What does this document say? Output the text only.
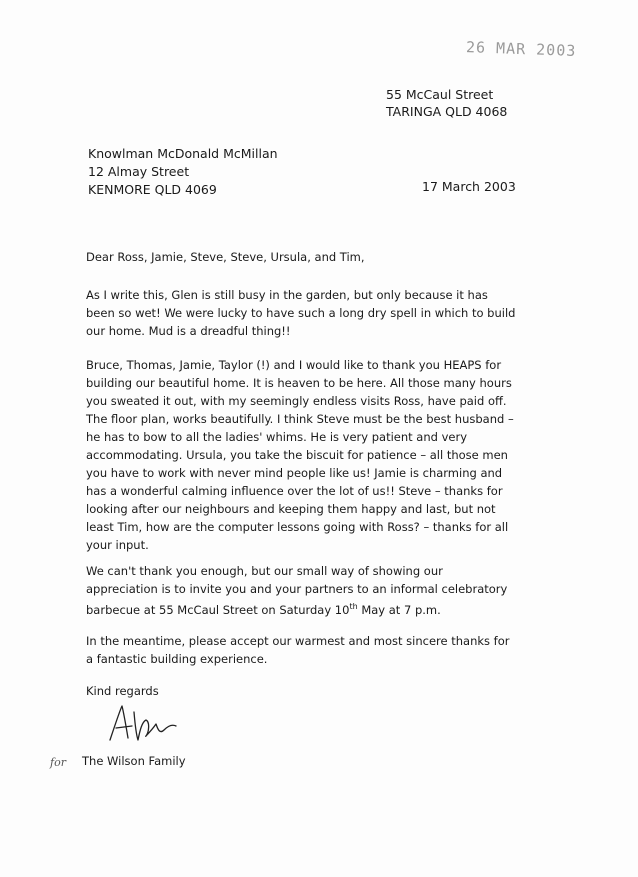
26 MAR 2003
55 McCaul Street
TARINGA QLD 4068
Knowlman McDonald McMillan
12 Almay Street
KENMORE QLD 4069	17 March 2003
Dear Ross, Jamie, Steve, Steve, Ursula, and Tim,

As I write this, Glen is still busy in the garden, but only because it has been so wet! We were lucky to have such a long dry spell in which to build our home. Mud is a dreadful thing!!

Bruce, Thomas, Jamie, Taylor (!) and I would like to thank you HEAPS for building our beautiful home. It is heaven to be here. All those many hours you sweated it out, with my seemingly endless visits Ross, have paid off. The floor plan, works beautifully. I think Steve must be the best husband – he has to bow to all the ladies' whims. He is very patient and very accommodating. Ursula, you take the biscuit for patience – all those men you have to work with never mind people like us! Jamie is charming and has a wonderful calming influence over the lot of us!! Steve – thanks for looking after our neighbours and keeping them happy and last, but not least Tim, how are the computer lessons going with Ross? – thanks for all your input.

We can't thank you enough, but our small way of showing our appreciation is to invite you and your partners to an informal celebratory barbecue at 55 McCaul Street on Saturday 10th May at 7 p.m.

In the meantime, please accept our warmest and most sincere thanks for a fantastic building experience.

Kind regards
for The Wilson Family
